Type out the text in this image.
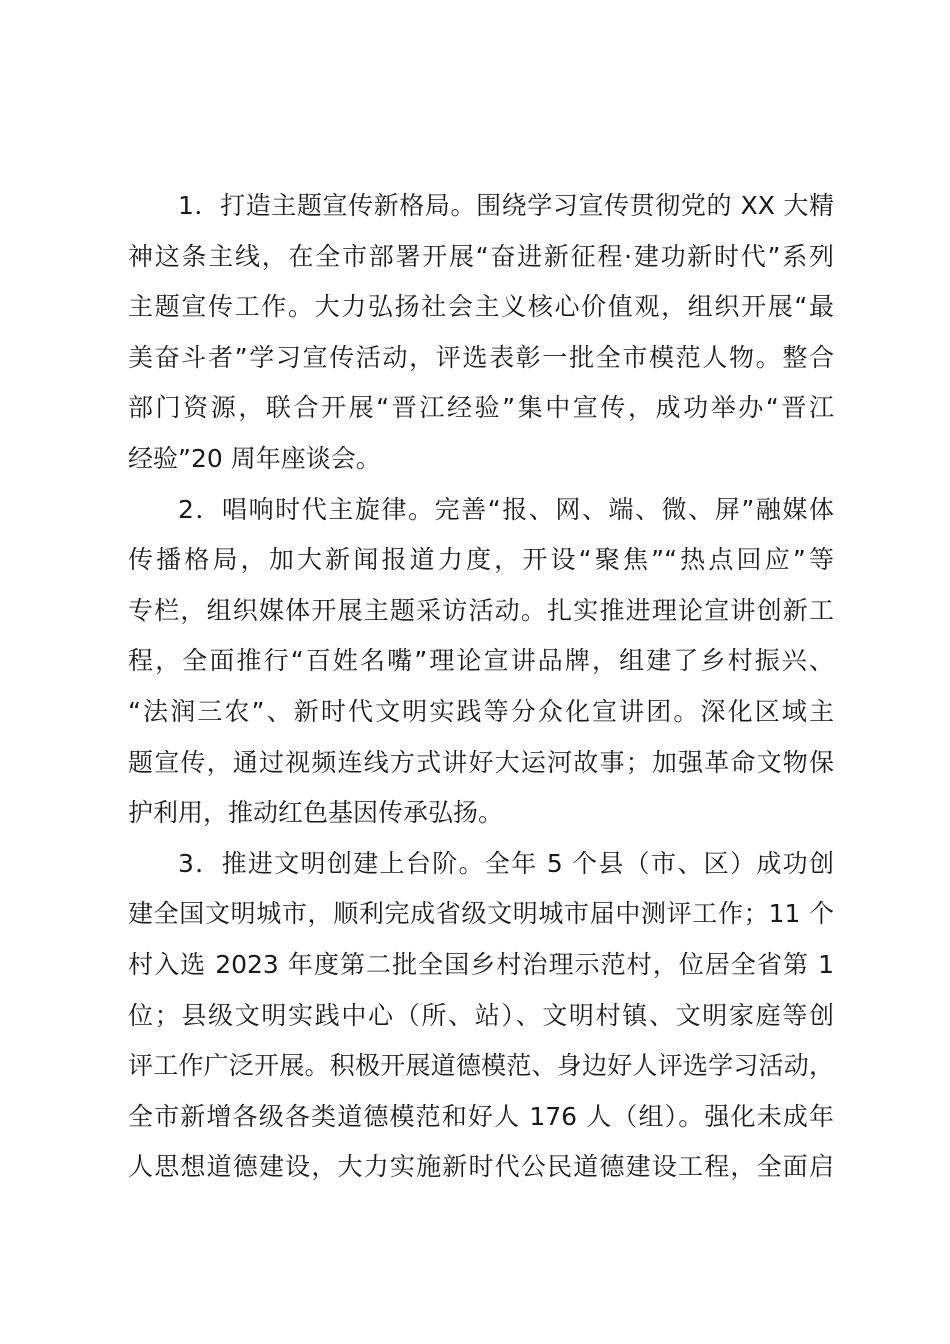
1．打造主题宣传新格局。围绕学习宣传贯彻党的 XX 大精
神这条主线，在全市部署开展“奋进新征程·建功新时代”系列
主题宣传工作。大力弘扬社会主义核心价值观，组织开展“最
美奋斗者”学习宣传活动，评选表彰一批全市模范人物。整合
部门资源，联合开展“晋江经验”集中宣传，成功举办“晋江
经验”20 周年座谈会。
2．唱响时代主旋律。完善“报、网、端、微、屏”融媒体
传播格局，加大新闻报道力度，开设“聚焦”“热点回应”等
专栏，组织媒体开展主题采访活动。扎实推进理论宣讲创新工
程，全面推行“百姓名嘴”理论宣讲品牌，组建了乡村振兴、
“法润三农”、新时代文明实践等分众化宣讲团。深化区域主
题宣传，通过视频连线方式讲好大运河故事；加强革命文物保
护利用，推动红色基因传承弘扬。
3．推进文明创建上台阶。全年 5 个县（市、区）成功创
建全国文明城市，顺利完成省级文明城市届中测评工作；11 个
村入选 2023 年度第二批全国乡村治理示范村，位居全省第 1
位；县级文明实践中心（所、站）、文明村镇、文明家庭等创
评工作广泛开展。积极开展道德模范、身边好人评选学习活动，
全市新增各级各类道德模范和好人 176 人（组）。强化未成年
人思想道德建设，大力实施新时代公民道德建设工程，全面启
